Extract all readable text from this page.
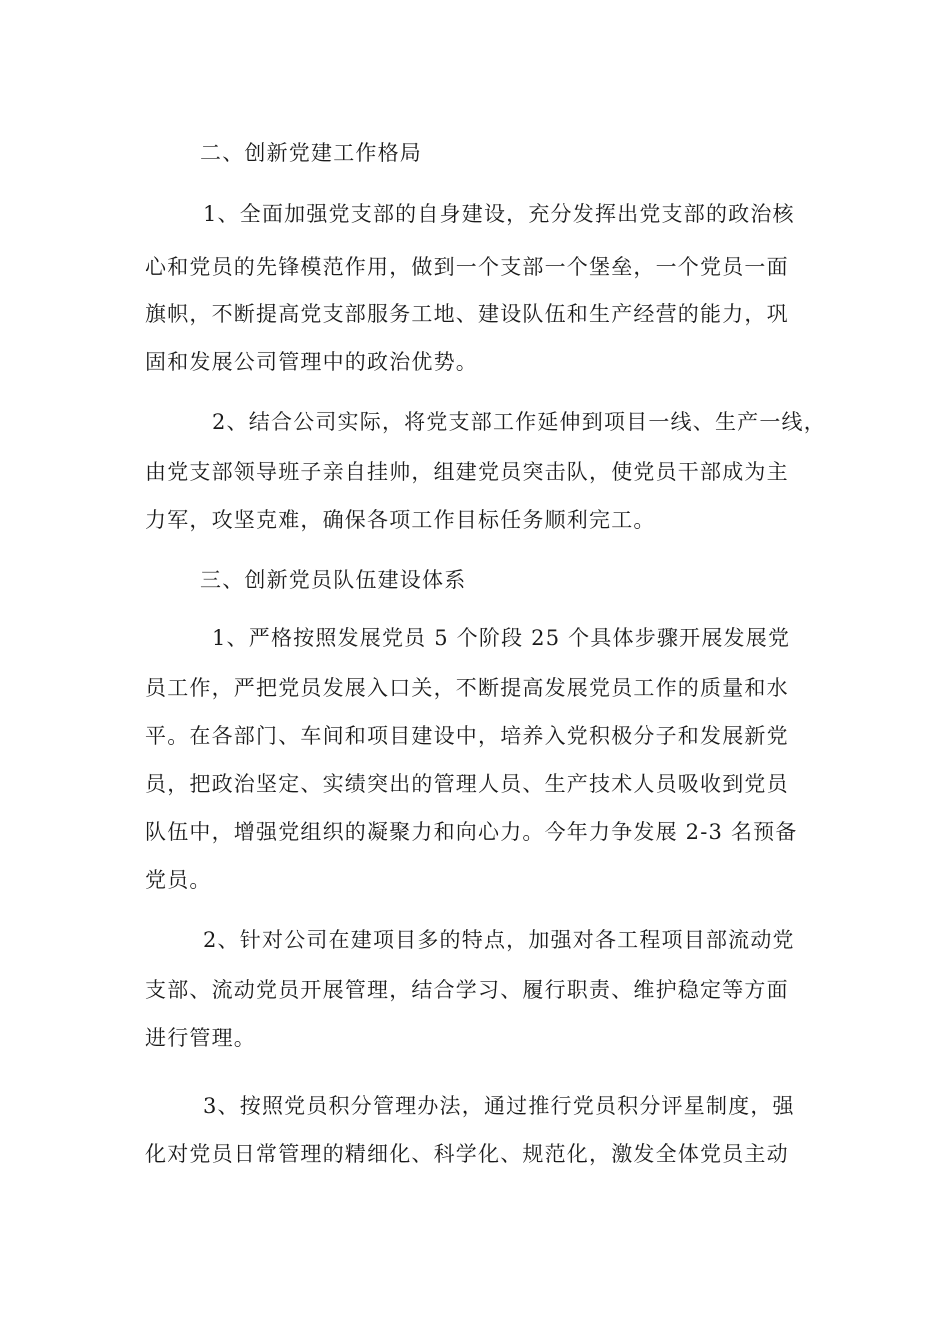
二、创新党建工作格局
1、全面加强党支部的自身建设，充分发挥出党支部的政治核
心和党员的先锋模范作用，做到一个支部一个堡垒，一个党员一面
旗帜，不断提高党支部服务工地、建设队伍和生产经营的能力，巩
固和发展公司管理中的政治优势。
2、结合公司实际，将党支部工作延伸到项目一线、生产一线，
由党支部领导班子亲自挂帅，组建党员突击队，使党员干部成为主
力军，攻坚克难，确保各项工作目标任务顺利完工。
三、创新党员队伍建设体系
1、严格按照发展党员 5 个阶段 25 个具体步骤开展发展党
员工作，严把党员发展入口关，不断提高发展党员工作的质量和水
平。在各部门、车间和项目建设中，培养入党积极分子和发展新党
员，把政治坚定、实绩突出的管理人员、生产技术人员吸收到党员
队伍中，增强党组织的凝聚力和向心力。今年力争发展 2-3 名预备
党员。
2、针对公司在建项目多的特点，加强对各工程项目部流动党
支部、流动党员开展管理，结合学习、履行职责、维护稳定等方面
进行管理。
3、按照党员积分管理办法，通过推行党员积分评星制度，强
化对党员日常管理的精细化、科学化、规范化，激发全体党员主动
